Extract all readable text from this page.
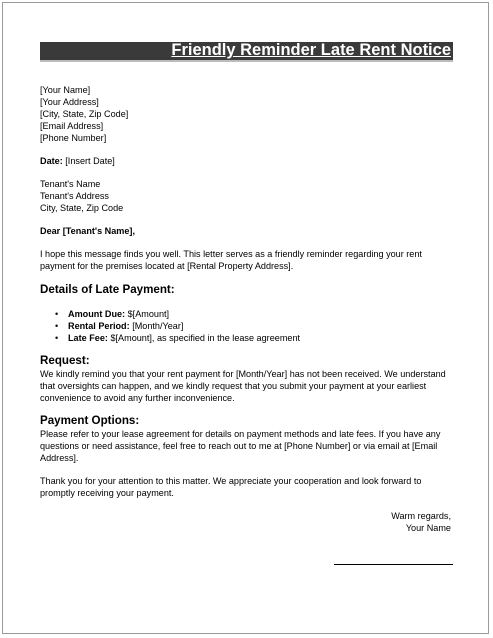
Friendly Reminder Late Rent Notice
[Your Name]
[Your Address]
[City, State, Zip Code]
[Email Address]
[Phone Number]
Date: [Insert Date]
Tenant's Name
Tenant's Address
City, State, Zip Code
Dear [Tenant's Name],
I hope this message finds you well. This letter serves as a friendly reminder regarding your rent payment for the premises located at [Rental Property Address].
Details of Late Payment:
• Amount Due: $[Amount]
• Rental Period: [Month/Year]
• Late Fee: $[Amount], as specified in the lease agreement
Request:
We kindly remind you that your rent payment for [Month/Year] has not been received. We understand that oversights can happen, and we kindly request that you submit your payment at your earliest convenience to avoid any further inconvenience.
Payment Options:
Please refer to your lease agreement for details on payment methods and late fees. If you have any questions or need assistance, feel free to reach out to me at [Phone Number] or via email at [Email Address].
Thank you for your attention to this matter. We appreciate your cooperation and look forward to promptly receiving your payment.
Warm regards,
Your Name
